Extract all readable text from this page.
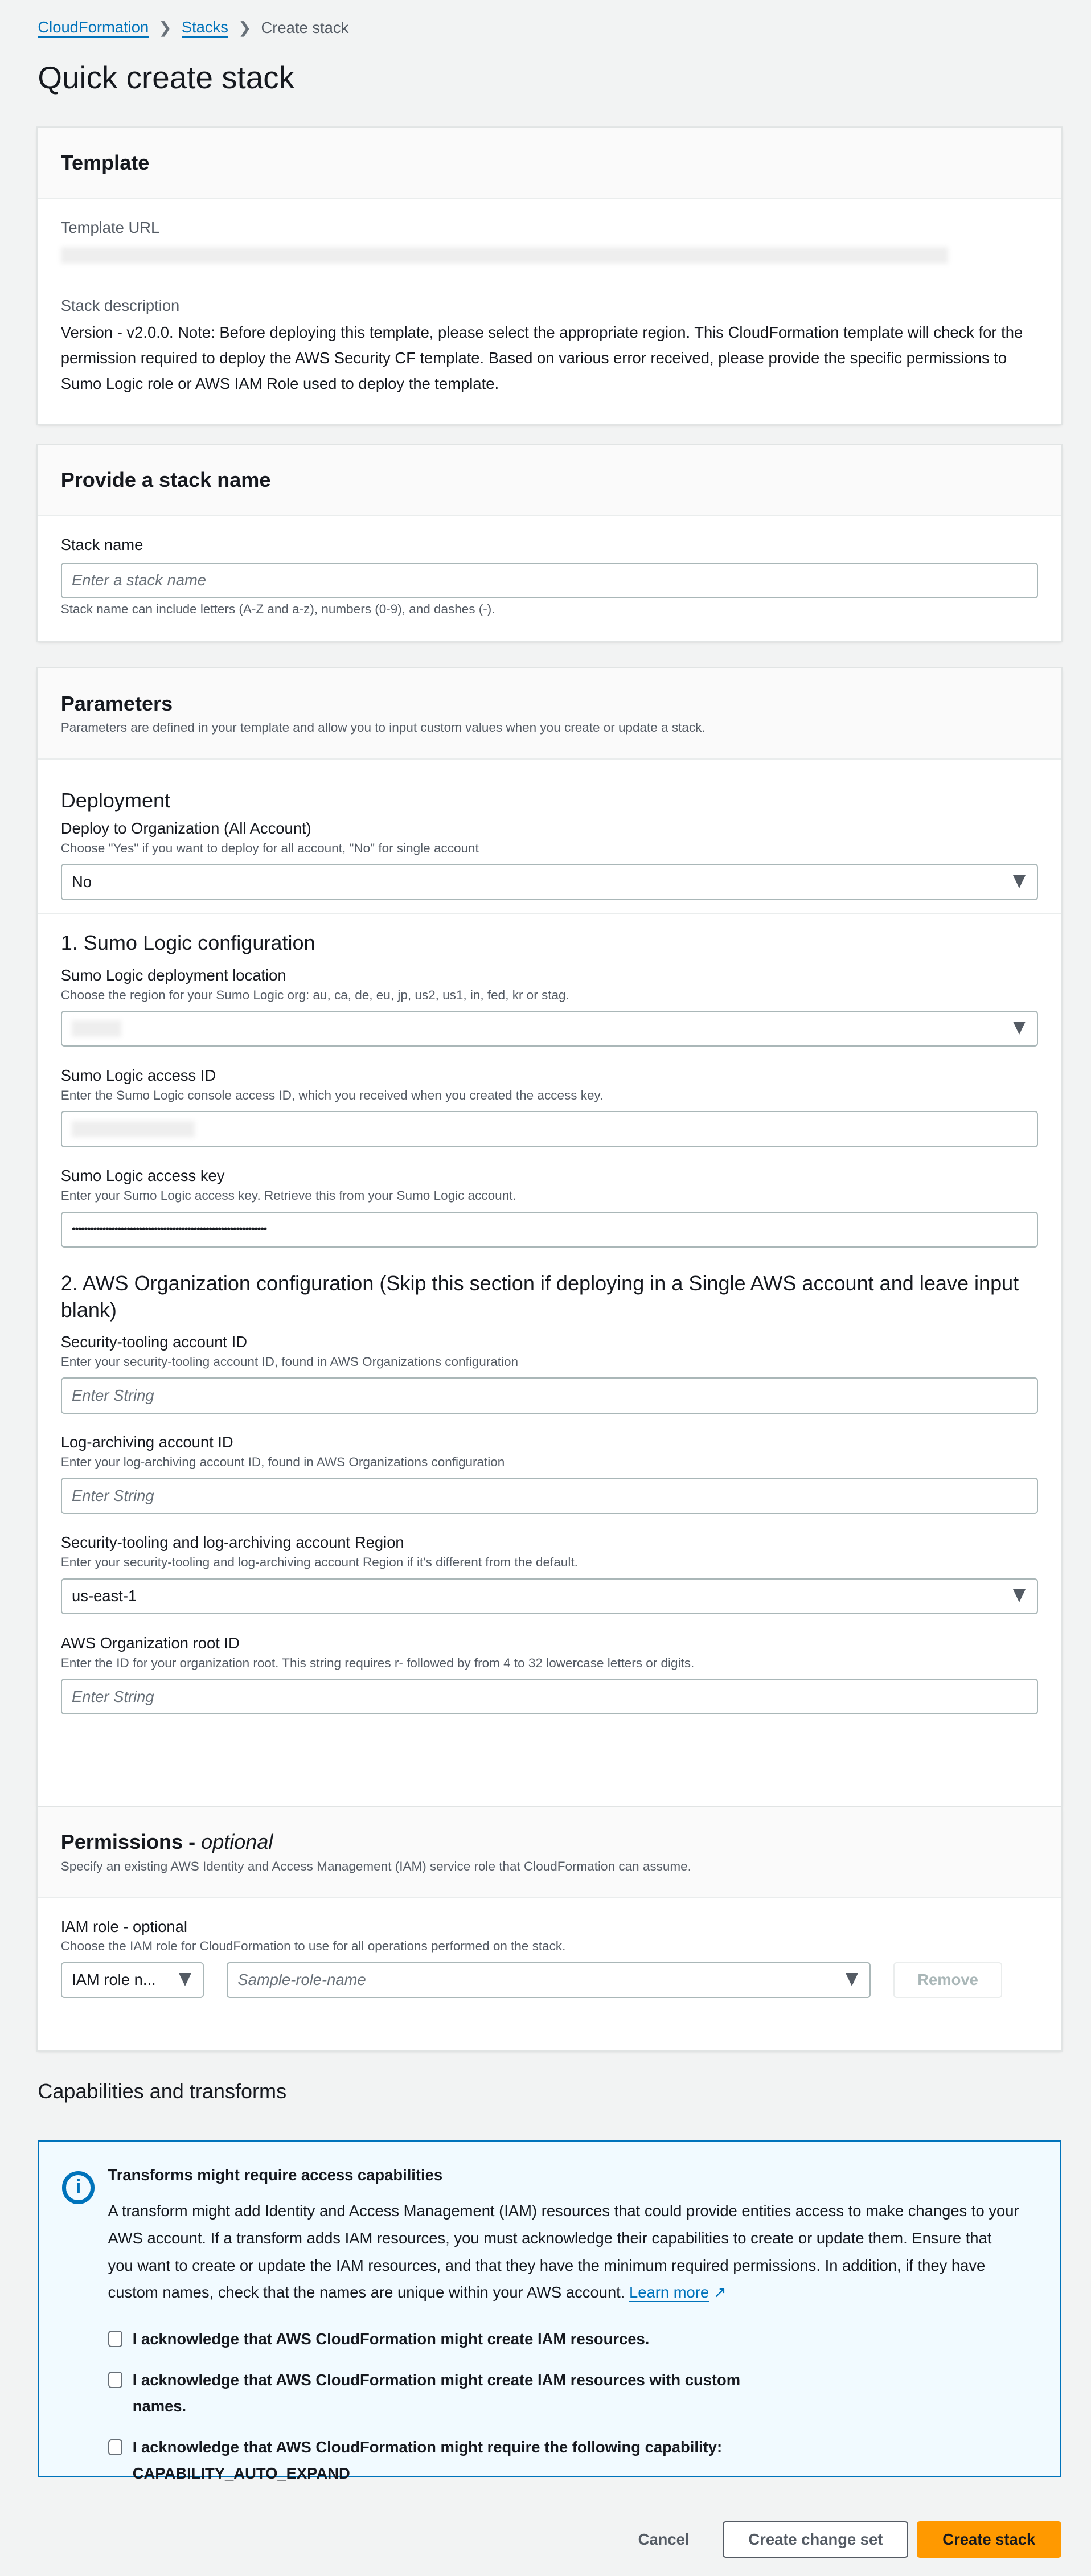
CloudFormation ❯ Stacks ❯ Create stack
Quick create stack
Template
Template URL
Stack description
Version - v2.0.0. Note: Before deploying this template, please select the appropriate region. This CloudFormation template will check for the permission required to deploy the AWS Security CF template. Based on various error received, please provide the specific permissions to Sumo Logic role or AWS IAM Role used to deploy the template.
Provide a stack name
Stack name
Enter a stack name
Stack name can include letters (A-Z and a-z), numbers (0-9), and dashes (-).
Parameters
Parameters are defined in your template and allow you to input custom values when you create or update a stack.
Deployment
Deploy to Organization (All Account)
Choose "Yes" if you want to deploy for all account, "No" for single account
No
1. Sumo Logic configuration
Sumo Logic deployment location
Choose the region for your Sumo Logic org: au, ca, de, eu, jp, us2, us1, in, fed, kr or stag.
Sumo Logic access ID
Enter the Sumo Logic console access ID, which you received when you created the access key.
Sumo Logic access key
Enter your Sumo Logic access key. Retrieve this from your Sumo Logic account.
••••••••••••••••••••••••••••••••••••••••••••••••••••••••••••••••
2. AWS Organization configuration (Skip this section if deploying in a Single AWS account and leave input blank)
Security-tooling account ID
Enter your security-tooling account ID, found in AWS Organizations configuration
Enter String
Log-archiving account ID
Enter your log-archiving account ID, found in AWS Organizations configuration
Enter String
Security-tooling and log-archiving account Region
Enter your security-tooling and log-archiving account Region if it's different from the default.
us-east-1
AWS Organization root ID
Enter the ID for your organization root. This string requires r- followed by from 4 to 32 lowercase letters or digits.
Enter String
Permissions - optional
Specify an existing AWS Identity and Access Management (IAM) service role that CloudFormation can assume.
IAM role - optional
Choose the IAM role for CloudFormation to use for all operations performed on the stack.
IAM role n...	Sample-role-name	Remove
Capabilities and transforms
i
Transforms might require access capabilities

A transform might add Identity and Access Management (IAM) resources that could provide entities access to make changes to your AWS account. If a transform adds IAM resources, you must acknowledge their capabilities to create or update them. Ensure that you want to create or update the IAM resources, and that they have the minimum required permissions. In addition, if they have custom names, check that the names are unique within your AWS account. Learn more ↗

I acknowledge that AWS CloudFormation might create IAM resources.
I acknowledge that AWS CloudFormation might create IAM resources with custom names.
I acknowledge that AWS CloudFormation might require the following capability: CAPABILITY_AUTO_EXPAND
Cancel	Create change set	Create stack
